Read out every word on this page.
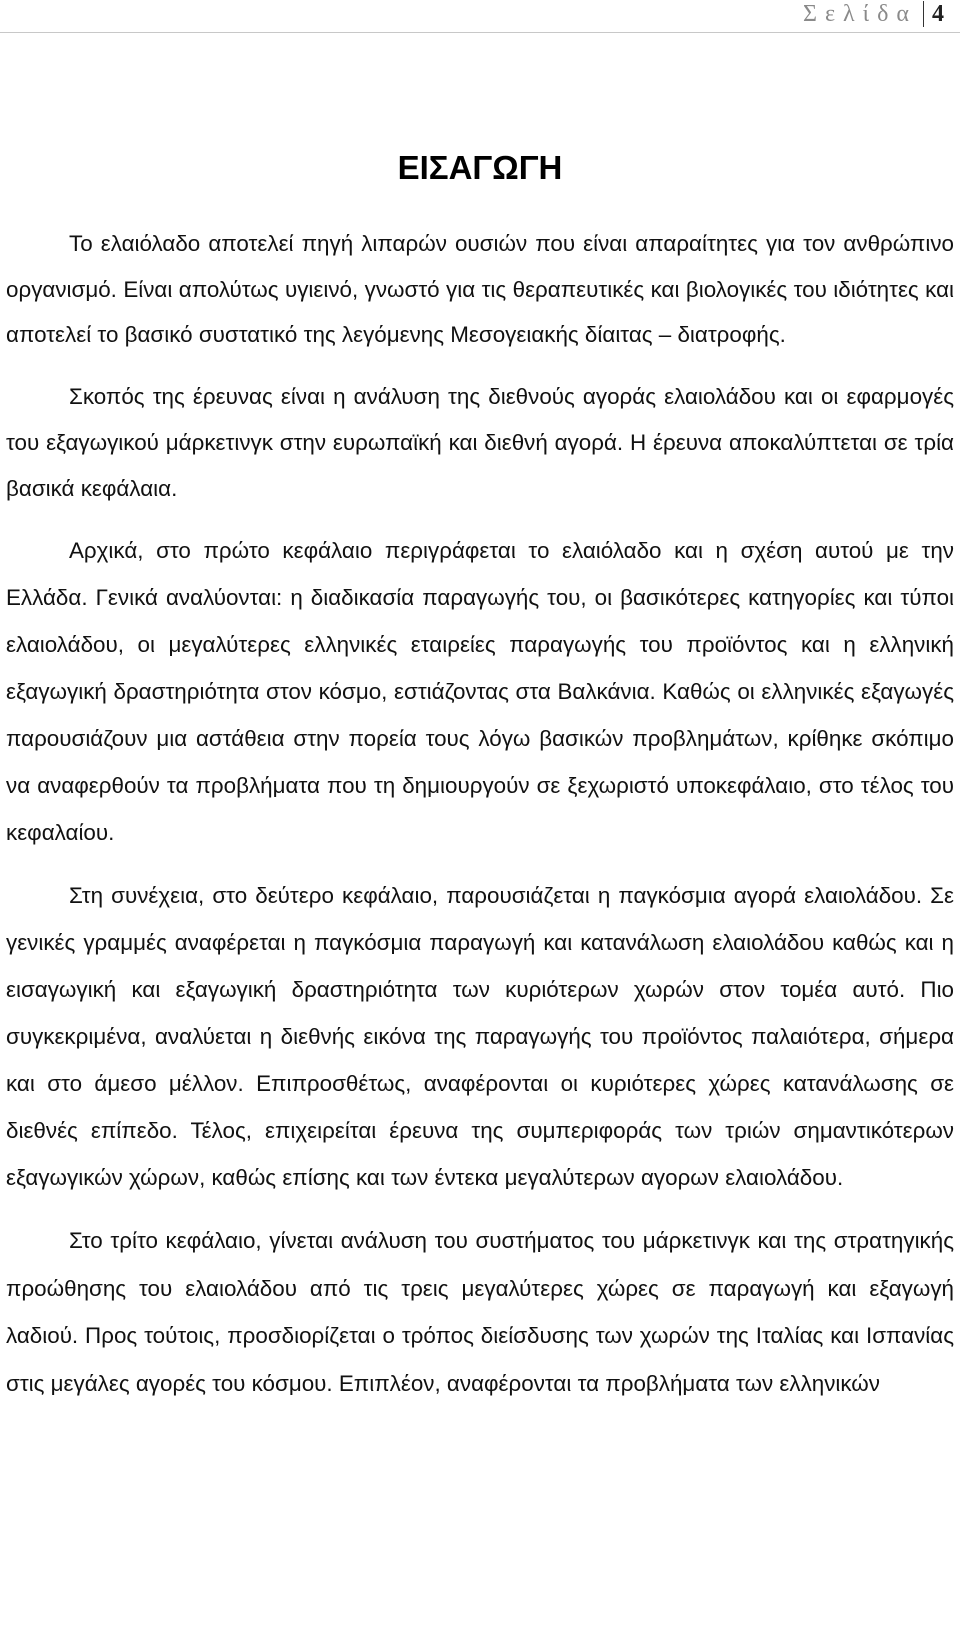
Σελίδα 4
ΕΙΣΑΓΩΓΗ

Το ελαιόλαδο αποτελεί πηγή λιπαρών ουσιών που είναι απαραίτητες για τον ανθρώπινο οργανισμό. Είναι απολύτως υγιεινό, γνωστό για τις θεραπευτικές και βιολογικές του ιδιότητες και αποτελεί το βασικό συστατικό της λεγόμενης Μεσογειακής δίαιτας – διατροφής.

Σκοπός της έρευνας είναι η ανάλυση της διεθνούς αγοράς ελαιολάδου και οι εφαρμογές του εξαγωγικού μάρκετινγκ στην ευρωπαϊκή και διεθνή αγορά. Η έρευνα αποκαλύπτεται σε τρία βασικά κεφάλαια.

Αρχικά, στο πρώτο κεφάλαιο περιγράφεται το ελαιόλαδο και η σχέση αυτού με την Ελλάδα. Γενικά αναλύονται: η διαδικασία παραγωγής του, οι βασικότερες κατηγορίες και τύποι ελαιολάδου, οι μεγαλύτερες ελληνικές εταιρείες παραγωγής του προϊόντος και η ελληνική εξαγωγική δραστηριότητα στον κόσμο, εστιάζοντας στα Βαλκάνια. Καθώς οι ελληνικές εξαγωγές παρουσιάζουν μια αστάθεια στην πορεία τους λόγω βασικών προβλημάτων, κρίθηκε σκόπιμο να αναφερθούν τα προβλήματα που τη δημιουργούν σε ξεχωριστό υποκεφάλαιο, στο τέλος του κεφαλαίου.

Στη συνέχεια, στο δεύτερο κεφάλαιο, παρουσιάζεται η παγκόσμια αγορά ελαιολάδου. Σε γενικές γραμμές αναφέρεται η παγκόσμια παραγωγή και κατανάλωση ελαιολάδου καθώς και η εισαγωγική και εξαγωγική δραστηριότητα των κυριότερων χωρών στον τομέα αυτό. Πιο συγκεκριμένα, αναλύεται η διεθνής εικόνα της παραγωγής του προϊόντος παλαιότερα, σήμερα και στο άμεσο μέλλον. Επιπροσθέτως, αναφέρονται οι κυριότερες χώρες κατανάλωσης σε διεθνές επίπεδο. Τέλος, επιχειρείται έρευνα της συμπεριφοράς των τριών σημαντικότερων εξαγωγικών χώρων, καθώς επίσης και των έντεκα μεγαλύτερων αγορων ελαιολάδου.

Στο τρίτο κεφάλαιο, γίνεται ανάλυση του συστήματος του μάρκετινγκ και της στρατηγικής προώθησης του ελαιολάδου από τις τρεις μεγαλύτερες χώρες σε παραγωγή και εξαγωγή λαδιού. Προς τούτοις, προσδιορίζεται ο τρόπος διείσδυσης των χωρών της Ιταλίας και Ισπανίας στις μεγάλες αγορές του κόσμου. Επιπλέον, αναφέρονται τα προβλήματα των ελληνικών
